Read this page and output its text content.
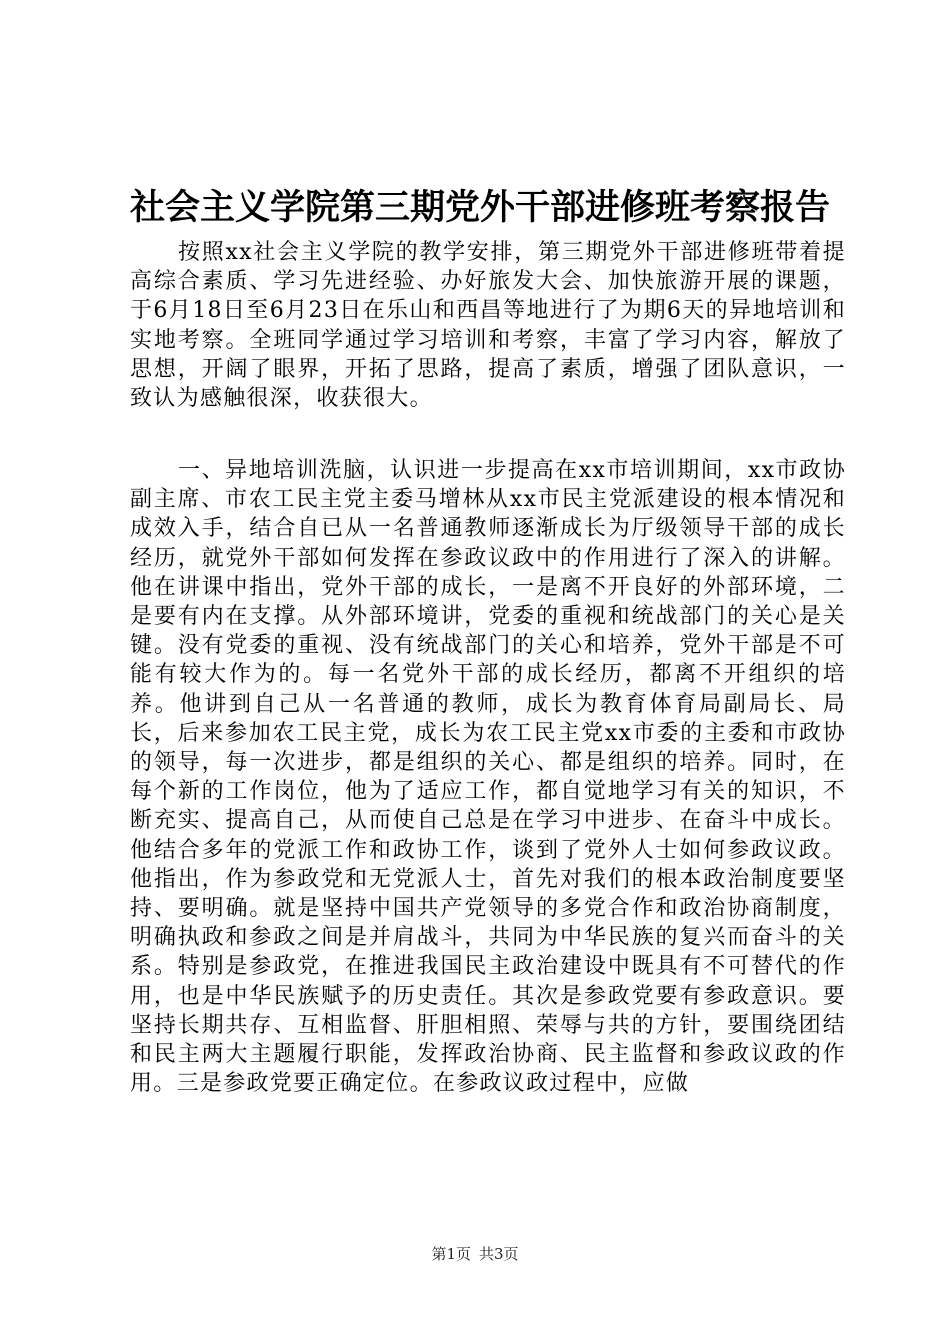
社会主义学院第三期党外干部进修班考察报告

按照xx社会主义学院的教学安排，第三期党外干部进修班带着提高综合素质、学习先进经验、办好旅发大会、加快旅游开展的课题，于6月18日至6月23日在乐山和西昌等地进行了为期6天的异地培训和实地考察。全班同学通过学习培训和考察，丰富了学习内容，解放了思想，开阔了眼界，开拓了思路，提高了素质，增强了团队意识，一致认为感触很深，收获很大。

一、异地培训洗脑，认识进一步提高在xx市培训期间，xx市政协副主席、市农工民主党主委马增林从xx市民主党派建设的根本情况和成效入手，结合自已从一名普通教师逐渐成长为厅级领导干部的成长经历，就党外干部如何发挥在参政议政中的作用进行了深入的讲解。他在讲课中指出，党外干部的成长，一是离不开良好的外部环境，二是要有内在支撑。从外部环境讲，党委的重视和统战部门的关心是关键。没有党委的重视、没有统战部门的关心和培养，党外干部是不可能有较大作为的。每一名党外干部的成长经历，都离不开组织的培养。他讲到自己从一名普通的教师，成长为教育体育局副局长、局长，后来参加农工民主党，成长为农工民主党xx市委的主委和市政协的领导，每一次进步，都是组织的关心、都是组织的培养。同时，在每个新的工作岗位，他为了适应工作，都自觉地学习有关的知识，不断充实、提高自己，从而使自己总是在学习中进步、在奋斗中成长。他结合多年的党派工作和政协工作，谈到了党外人士如何参政议政。他指出，作为参政党和无党派人士，首先对我们的根本政治制度要坚持、要明确。就是坚持中国共产党领导的多党合作和政治协商制度，明确执政和参政之间是并肩战斗，共同为中华民族的复兴而奋斗的关系。特别是参政党，在推进我国民主政治建设中既具有不可替代的作用，也是中华民族赋予的历史责任。其次是参政党要有参政意识。要坚持长期共存、互相监督、肝胆相照、荣辱与共的方针，要围绕团结和民主两大主题履行职能，发挥政治协商、民主监督和参政议政的作用。三是参政党要正确定位。在参政议政过程中，应做

第1页 共3页
